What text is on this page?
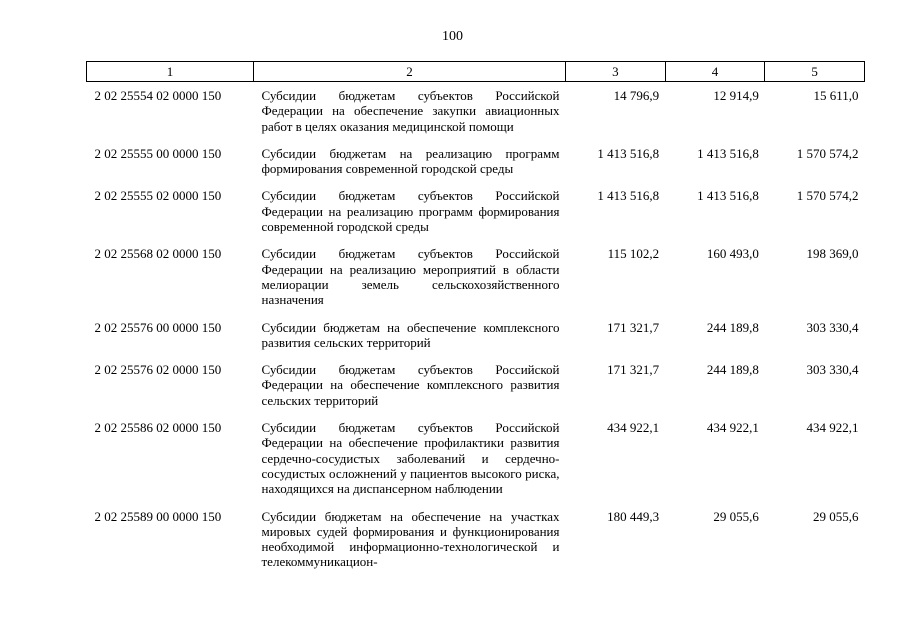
100
1	2	3	4	5
2 02 25554 02 0000 150	Субсидии бюджетам субъектов Российской Федерации на обеспечение закупки авиационных работ в целях оказания медицинской помощи	14 796,9	12 914,9	15 611,0
2 02 25555 00 0000 150	Субсидии бюджетам на реализацию программ формирования современной городской среды	1 413 516,8	1 413 516,8	1 570 574,2
2 02 25555 02 0000 150	Субсидии бюджетам субъектов Российской Федерации на реализацию программ формирования современной городской среды	1 413 516,8	1 413 516,8	1 570 574,2
2 02 25568 02 0000 150	Субсидии бюджетам субъектов Российской Федерации на реализацию мероприятий в области мелиорации земель сельскохозяйственного назначения	115 102,2	160 493,0	198 369,0
2 02 25576 00 0000 150	Субсидии бюджетам на обеспечение комплексного развития сельских территорий	171 321,7	244 189,8	303 330,4
2 02 25576 02 0000 150	Субсидии бюджетам субъектов Российской Федерации на обеспечение комплексного развития сельских территорий	171 321,7	244 189,8	303 330,4
2 02 25586 02 0000 150	Субсидии бюджетам субъектов Российской Федерации на обеспечение профилактики развития сердечно-сосудистых заболеваний и сердечно-сосудистых осложнений у пациентов высокого риска, находящихся на диспансерном наблюдении	434 922,1	434 922,1	434 922,1
2 02 25589 00 0000 150	Субсидии бюджетам на обеспечение на участках мировых судей формирования и функционирования необходимой информационно-технологической и телекоммуникацион-	180 449,3	29 055,6	29 055,6
